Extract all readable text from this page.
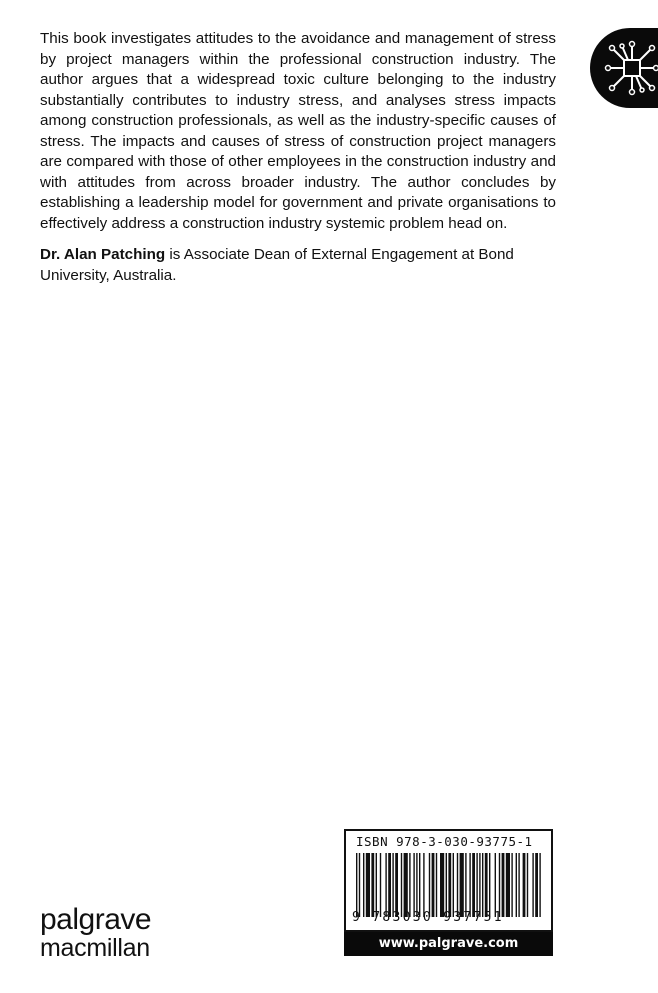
This book investigates attitudes to the avoidance and management of stress by project managers within the professional construction industry. The author argues that a widespread toxic culture belonging to the industry substantially contributes to industry stress, and analyses stress impacts among construction professionals, as well as the industry-specific causes of stress. The impacts and causes of stress of construction project managers are compared with those of other employees in the construction industry and with attitudes from across broader industry. The author concludes by establishing a leadership model for government and private organisations to effectively address a construction industry systemic problem head on.

Dr. Alan Patching is Associate Dean of External Engagement at Bond University, Australia.

palgrave
macmillan
ISBN 978-3-030-93775-1
9 783030 937751
www.palgrave.com
